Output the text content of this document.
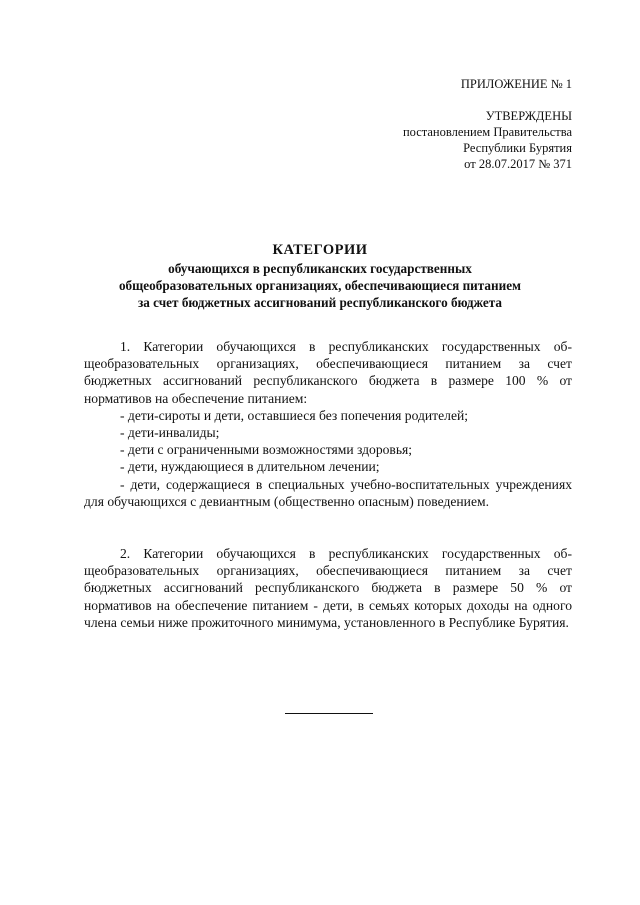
ПРИЛОЖЕНИЕ № 1
УТВЕРЖДЕНЫ
постановлением Правительства
Республики Бурятия
от 28.07.2017 № 371
КАТЕГОРИИ
обучающихся в республиканских государственных
общеобразовательных организациях, обеспечивающиеся питанием
за счет бюджетных ассигнований республиканского бюджета
1. Категории обучающихся в республиканских государственных общеобразовательных организациях, обеспечивающиеся питанием за счет бюджетных ассигнований республиканского бюджета в размере 100 % от нормативов на обеспечение питанием:
- дети-сироты и дети, оставшиеся без попечения родителей;
- дети-инвалиды;
- дети с ограниченными возможностями здоровья;
- дети, нуждающиеся в длительном лечении;
- дети, содержащиеся в специальных учебно-воспитательных учреждениях для обучающихся с девиантным (общественно опасным) поведением.
2. Категории обучающихся в республиканских государственных общеобразовательных организациях, обеспечивающиеся питанием за счет бюджетных ассигнований республиканского бюджета в размере 50 % от нормативов на обеспечение питанием - дети, в семьях которых доходы на одного члена семьи ниже прожиточного минимума, установленного в Республике Бурятия.
